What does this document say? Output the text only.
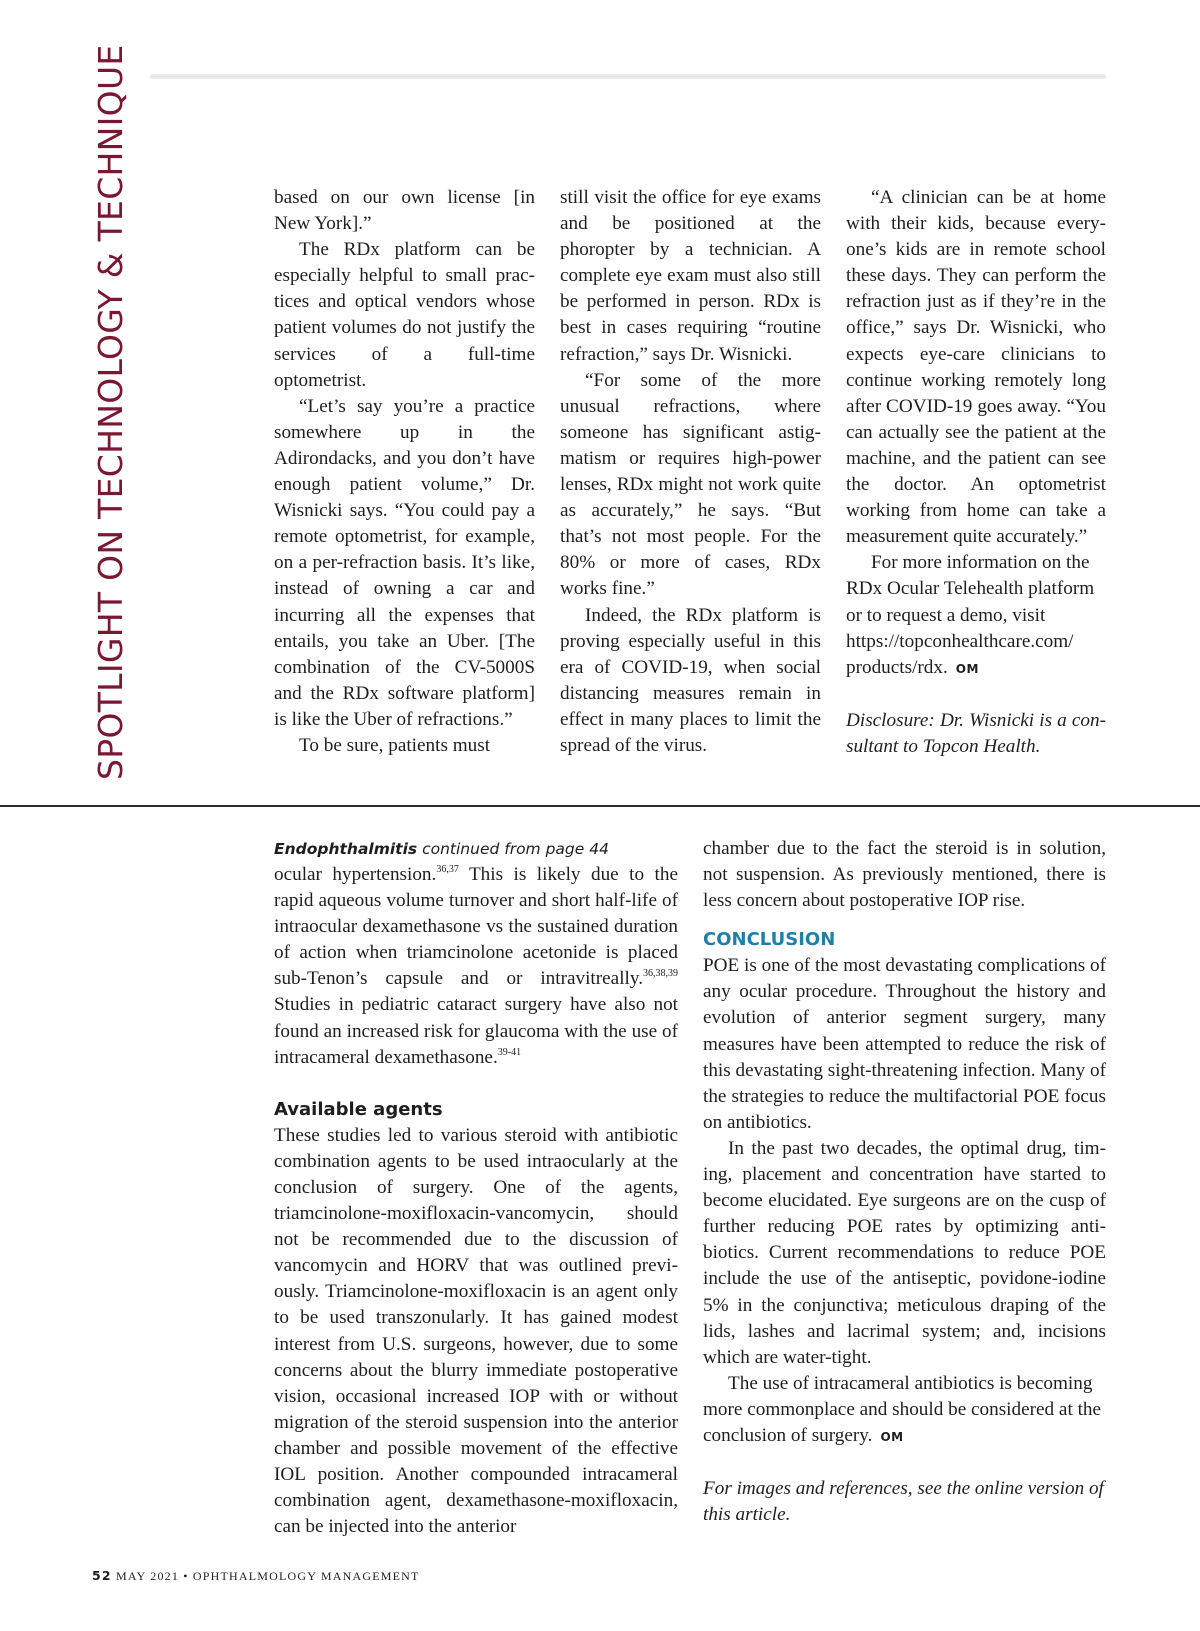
SPOTLIGHT ON TECHNOLOGY & TECHNIQUE	based on our own license [in New York].”

The RDx platform can be especially helpful to small practices and optical vendors whose patient volumes do not justify the services of a full-time optometrist.

“Let’s say you’re a practice somewhere up in the Adirondacks, and you don’t have enough patient volume,” Dr. Wisnicki says. “You could pay a remote optometrist, for example, on a per-refraction basis. It’s like, instead of owning a car and incurring all the expenses that entails, you take an Uber. [The combination of the CV-5000S and the RDx software platform] is like the Uber of refractions.”

To be sure, patients must

still visit the office for eye exams and be positioned at the phoropter by a technician. A complete eye exam must also still be performed in person. RDx is best in cases requiring “routine refraction,” says Dr. Wisnicki.

“For some of the more unusual refractions, where someone has significant astigmatism or requires high-power lenses, RDx might not work quite as accurately,” he says. “But that’s not most people. For the 80% or more of cases, RDx works fine.”

Indeed, the RDx platform is proving especially useful in this era of COVID-19, when social distancing measures remain in effect in many places to limit the spread of the virus.

“A clinician can be at home with their kids, because everyone’s kids are in remote school these days. They can perform the refraction just as if they’re in the office,” says Dr. Wisnicki, who expects eye-care clinicians to continue working remotely long after COVID-19 goes away. “You can actually see the patient at the machine, and the patient can see the doctor. An optometrist working from home can take a measurement quite accurately.”

For more information on the RDx Ocular Telehealth platform or to request a demo, visit https://topconhealthcare.com/​products/rdx. OM

Disclosure: Dr. Wisnicki is a consultant to Topcon Health.

Endophthalmitis continued from page 44

ocular hypertension.$^{36,37}$ This is likely due to the rapid aqueous volume turnover and short half-life of intraocular dexamethasone vs the sustained duration of action when triamcinolone acetonide is placed sub-Tenon’s capsule and or intravitreally.$^{36,38,39}$ Studies in pediatric cataract surgery have also not found an increased risk for glaucoma with the use of intracameral dexamethasone.$^{39-41}$

Available agents

These studies led to various steroid with antibiotic combination agents to be used intraocularly at the conclusion of surgery. One of the agents, triamcinolone-moxifloxacin-vancomycin, should not be recommended due to the discussion of vancomycin and HORV that was outlined previously. Triamcinolone-moxifloxacin is an agent only to be used transzonularly. It has gained modest interest from U.S. surgeons, however, due to some concerns about the blurry immediate postoperative vision, occasional increased IOP with or without migration of the steroid suspension into the anterior chamber and possible movement of the effective IOL position. Another compounded intracameral combination agent, dexamethasone-moxifloxacin, can be injected into the anterior

chamber due to the fact the steroid is in solution, not suspension. As previously mentioned, there is less concern about postoperative IOP rise.

CONCLUSION

POE is one of the most devastating complications of any ocular procedure. Throughout the history and evolution of anterior segment surgery, many measures have been attempted to reduce the risk of this devastating sight-threatening infection. Many of the strategies to reduce the multifactorial POE focus on antibiotics.

In the past two decades, the optimal drug, timing, placement and concentration have started to become elucidated. Eye surgeons are on the cusp of further reducing POE rates by optimizing antibiotics. Current recommendations to reduce POE include the use of the antiseptic, povidone-iodine 5% in the conjunctiva; meticulous draping of the lids, lashes and lacrimal system; and, incisions which are water-tight.

The use of intracameral antibiotics is becoming more commonplace and should be considered at the conclusion of surgery. OM

For images and references, see the online version of this article.

52 MAY 2021 • OPHTHALMOLOGY MANAGEMENT
